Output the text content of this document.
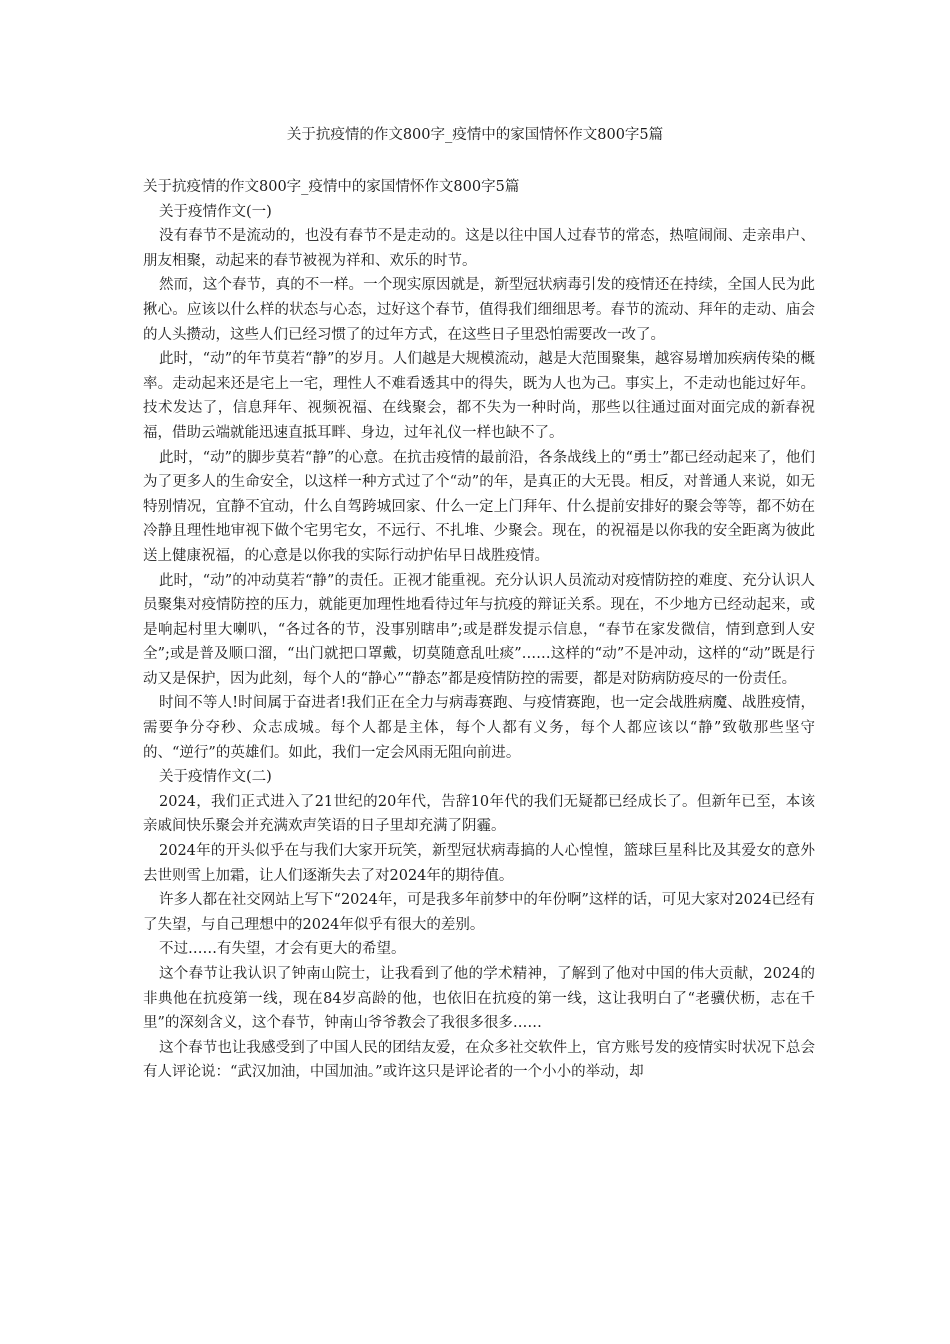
关于抗疫情的作文800字_疫情中的家国情怀作文800字5篇

关于抗疫情的作文800字_疫情中的家国情怀作文800字5篇

关于疫情作文(一)

没有春节不是流动的，也没有春节不是走动的。这是以往中国人过春节的常态，热喧闹闹、走亲串户、朋友相聚，动起来的春节被视为祥和、欢乐的时节。

然而，这个春节，真的不一样。一个现实原因就是，新型冠状病毒引发的疫情还在持续，全国人民为此揪心。应该以什么样的状态与心态，过好这个春节，值得我们细细思考。春节的流动、拜年的走动、庙会的人头攒动，这些人们已经习惯了的过年方式，在这些日子里恐怕需要改一改了。

此时，“动”的年节莫若“静”的岁月。人们越是大规模流动，越是大范围聚集，越容易增加疾病传染的概率。走动起来还是宅上一宅，理性人不难看透其中的得失，既为人也为己。事实上，不走动也能过好年。技术发达了，信息拜年、视频祝福、在线聚会，都不失为一种时尚，那些以往通过面对面完成的新春祝福，借助云端就能迅速直抵耳畔、身边，过年礼仪一样也缺不了。

此时，“动”的脚步莫若“静”的心意。在抗击疫情的最前沿，各条战线上的“勇士”都已经动起来了，他们为了更多人的生命安全，以这样一种方式过了个“动”的年，是真正的大无畏。相反，对普通人来说，如无特别情况，宜静不宜动，什么自驾跨城回家、什么一定上门拜年、什么提前安排好的聚会等等，都不妨在冷静且理性地审视下做个宅男宅女，不远行、不扎堆、少聚会。现在，的祝福是以你我的安全距离为彼此送上健康祝福，的心意是以你我的实际行动护佑早日战胜疫情。

此时，“动”的冲动莫若“静”的责任。正视才能重视。充分认识人员流动对疫情防控的难度、充分认识人员聚集对疫情防控的压力，就能更加理性地看待过年与抗疫的辩证关系。现在，不少地方已经动起来，或是响起村里大喇叭，“各过各的节，没事别瞎串”;或是群发提示信息，“春节在家发微信，情到意到人安全”;或是普及顺口溜，“出门就把口罩戴，切莫随意乱吐痰”……这样的“动”不是冲动，这样的“动”既是行动又是保护，因为此刻，每个人的“静心”“静态”都是疫情防控的需要，都是对防病防疫尽的一份责任。

时间不等人!时间属于奋进者!我们正在全力与病毒赛跑、与疫情赛跑，也一定会战胜病魔、战胜疫情，需要争分夺秒、众志成城。每个人都是主体，每个人都有义务，每个人都应该以“静”致敬那些坚守的、“逆行”的英雄们。如此，我们一定会风雨无阻向前进。

关于疫情作文(二)

2024，我们正式进入了21世纪的20年代，告辞10年代的我们无疑都已经成长了。但新年已至，本该亲戚间快乐聚会并充满欢声笑语的日子里却充满了阴霾。

2024年的开头似乎在与我们大家开玩笑，新型冠状病毒搞的人心惶惶，篮球巨星科比及其爱女的意外去世则雪上加霜，让人们逐渐失去了对2024年的期待值。

许多人都在社交网站上写下“2024年，可是我多年前梦中的年份啊”这样的话，可见大家对2024已经有了失望，与自己理想中的2024年似乎有很大的差别。

不过……有失望，才会有更大的希望。

这个春节让我认识了钟南山院士，让我看到了他的学术精神，了解到了他对中国的伟大贡献，2024的非典他在抗疫第一线，现在84岁高龄的他，也依旧在抗疫的第一线，这让我明白了“老骥伏枥，志在千里”的深刻含义，这个春节，钟南山爷爷教会了我很多很多……

这个春节也让我感受到了中国人民的团结友爱，在众多社交软件上，官方账号发的疫情实时状况下总会有人评论说：“武汉加油，中国加油。”或许这只是评论者的一个小小的举动，却
